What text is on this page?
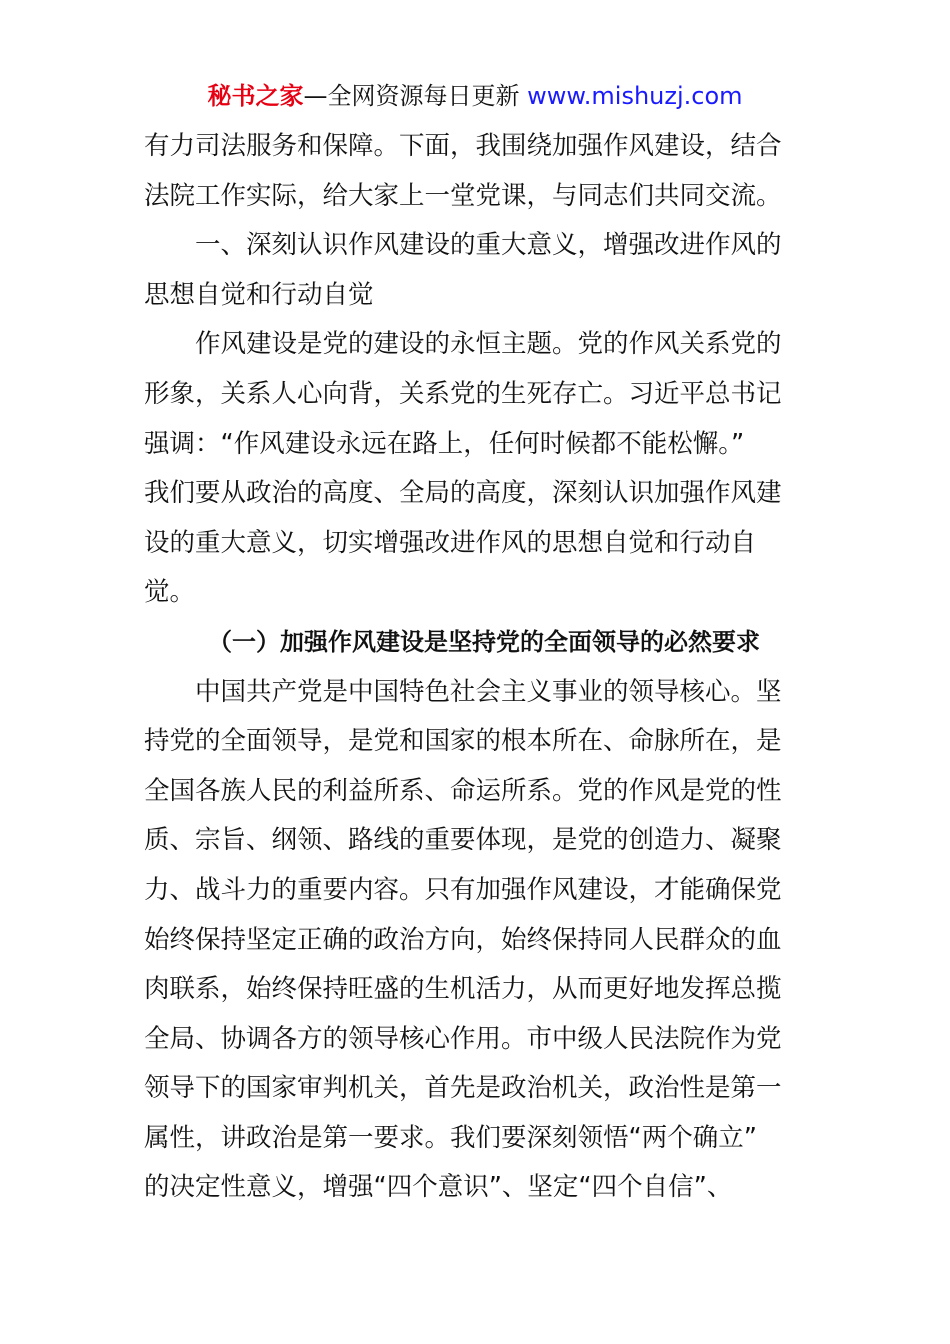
秘书之家—全网资源每日更新 www.mishuzj.com
有力司法服务和保障。下面，我围绕加强作风建设，结合
法院工作实际，给大家上一堂党课，与同志们共同交流。
一、深刻认识作风建设的重大意义，增强改进作风的
思想自觉和行动自觉
作风建设是党的建设的永恒主题。党的作风关系党的
形象，关系人心向背，关系党的生死存亡。习近平总书记
强调：“作风建设永远在路上，任何时候都不能松懈。”
我们要从政治的高度、全局的高度，深刻认识加强作风建
设的重大意义，切实增强改进作风的思想自觉和行动自
觉。
（一）加强作风建设是坚持党的全面领导的必然要求
中国共产党是中国特色社会主义事业的领导核心。坚
持党的全面领导，是党和国家的根本所在、命脉所在，是
全国各族人民的利益所系、命运所系。党的作风是党的性
质、宗旨、纲领、路线的重要体现，是党的创造力、凝聚
力、战斗力的重要内容。只有加强作风建设，才能确保党
始终保持坚定正确的政治方向，始终保持同人民群众的血
肉联系，始终保持旺盛的生机活力，从而更好地发挥总揽
全局、协调各方的领导核心作用。市中级人民法院作为党
领导下的国家审判机关，首先是政治机关，政治性是第一
属性，讲政治是第一要求。我们要深刻领悟“两个确立”
的决定性意义，增强“四个意识”、坚定“四个自信”、
